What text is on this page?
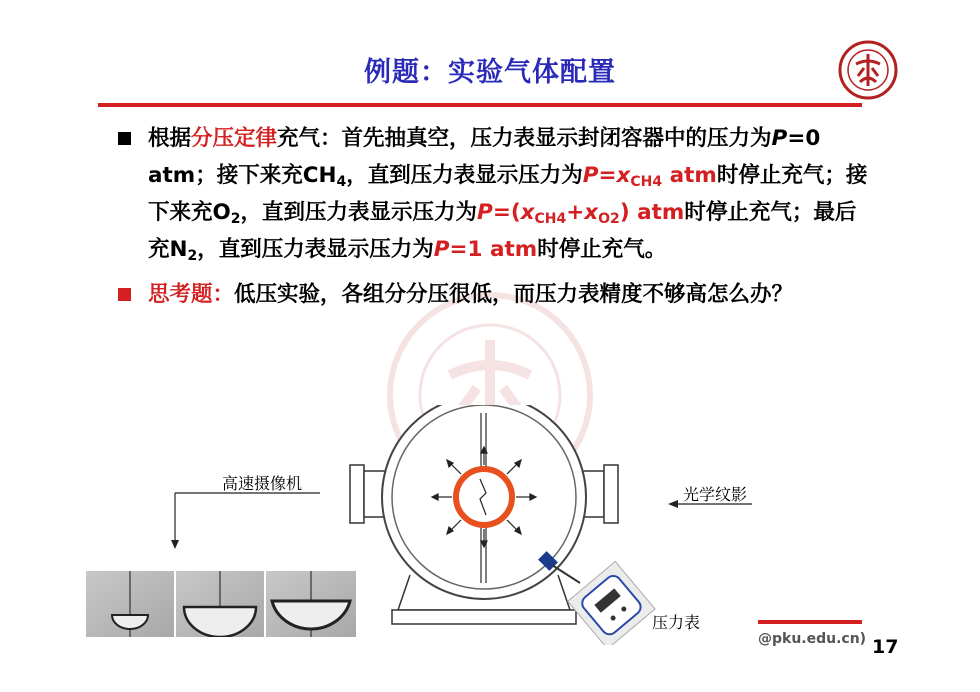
例题：实验气体配置
根据分压定律充气：首先抽真空，压力表显示封闭容器中的压力为P=0 atm；接下来充$CH_4$，直到压力表显示压力为$P=x_{CH4}$ atm时停止充气；接下来充$O_2$，直到压力表显示压力为$P=(x_{CH4}+x_{O2})$ atm时停止充气；最后充$N_2$，直到压力表显示压力为P=1 atm时停止充气。
思考题：低压实验，各组分分压很低，而压力表精度不够高怎么办？
高速摄像机
光学纹影
压力表
@pku.edu.cn) 17
